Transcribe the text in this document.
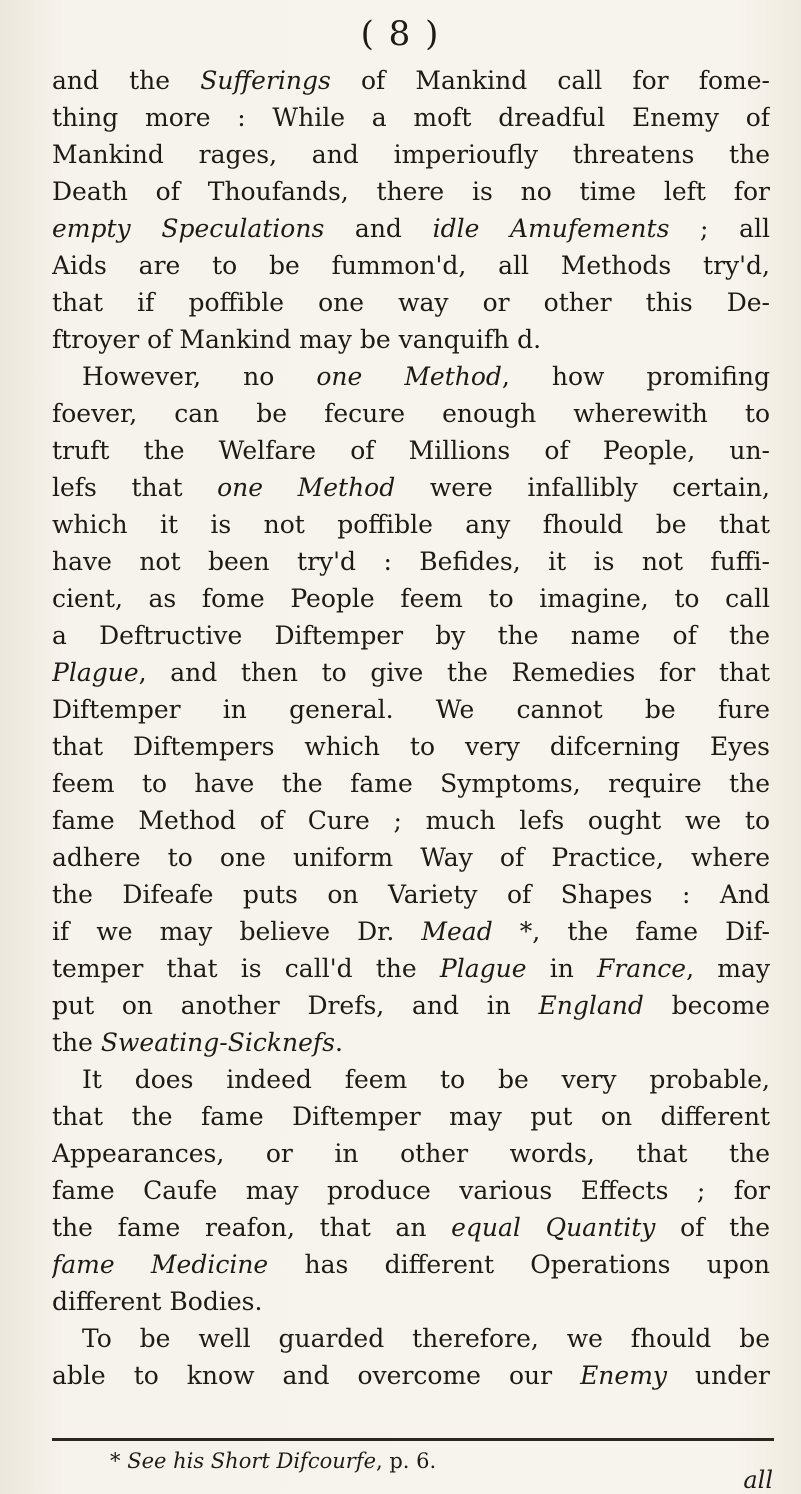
( 8 )
and the Sufferings of Mankind call for fome-
thing more : While a moft dreadful Enemy of
Mankind rages, and imperioufly threatens the
Death of Thoufands, there is no time left for
empty Speculations and idle Amufements ; all
Aids are to be fummon'd, all Methods try'd,
that if poffible one way or other this De-
ftroyer of Mankind may be vanquifh d.
However, no one Method, how promifing
foever, can be fecure enough wherewith to
truft the Welfare of Millions of People, un-
lefs that one Method were infallibly certain,
which it is not poffible any fhould be that
have not been try'd : Befides, it is not fuffi-
cient, as fome People feem to imagine, to call
a Deftructive Diftemper by the name of the
Plague, and then to give the Remedies for that
Diftemper in general. We cannot be fure
that Diftempers which to very difcerning Eyes
feem to have the fame Symptoms, require the
fame Method of Cure ; much lefs ought we to
adhere to one uniform Way of Practice, where
the Difeafe puts on Variety of Shapes : And
if we may believe Dr. Mead *, the fame Dif-
temper that is call'd the Plague in France, may
put on another Drefs, and in England become
the Sweating-Sicknefs.
It does indeed feem to be very probable,
that the fame Diftemper may put on different
Appearances, or in other words, that the
fame Caufe may produce various Effects ; for
the fame reafon, that an equal Quantity of the
fame Medicine has different Operations upon
different Bodies.
To be well guarded therefore, we fhould be
able to know and overcome our Enemy under
* See his Short Difcourfe, p. 6.
all
